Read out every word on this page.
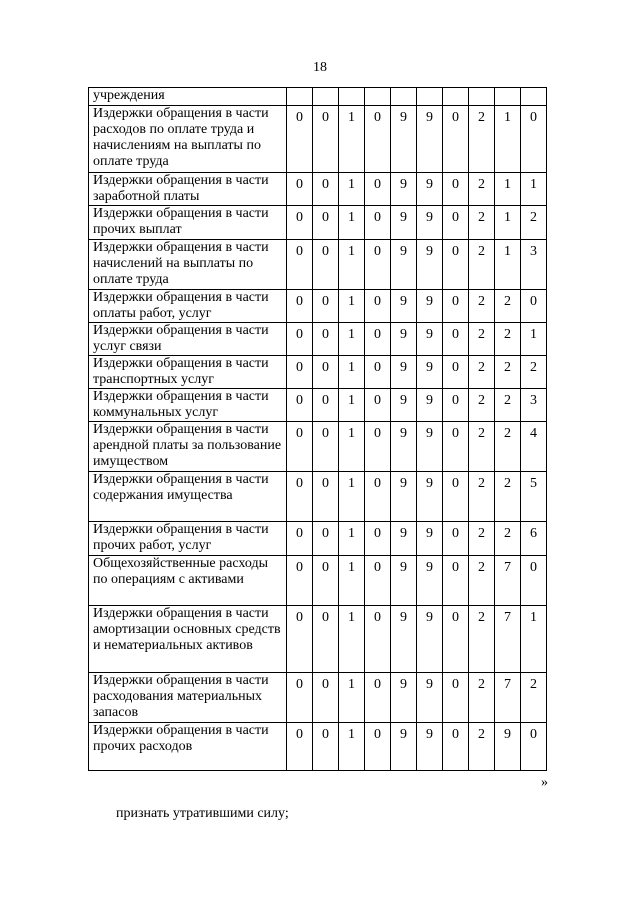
18
учреждения										
Издержки обращения в части расходов по оплате труда и начислениям на выплаты по оплате труда	0	0	1	0	9	9	0	2	1	0
Издержки обращения в части заработной платы	0	0	1	0	9	9	0	2	1	1
Издержки обращения в части прочих выплат	0	0	1	0	9	9	0	2	1	2
Издержки обращения в части начислений на выплаты по оплате труда	0	0	1	0	9	9	0	2	1	3
Издержки обращения в части оплаты работ, услуг	0	0	1	0	9	9	0	2	2	0
Издержки обращения в части услуг связи	0	0	1	0	9	9	0	2	2	1
Издержки обращения в части транспортных услуг	0	0	1	0	9	9	0	2	2	2
Издержки обращения в части коммунальных услуг	0	0	1	0	9	9	0	2	2	3
Издержки обращения в части арендной платы за пользование имуществом	0	0	1	0	9	9	0	2	2	4
Издержки обращения в части содержания имущества	0	0	1	0	9	9	0	2	2	5
Издержки обращения в части прочих работ, услуг	0	0	1	0	9	9	0	2	2	6
Общехозяйственные расходы по операциям с активами	0	0	1	0	9	9	0	2	7	0
Издержки обращения в части амортизации основных средств и нематериальных активов	0	0	1	0	9	9	0	2	7	1
Издержки обращения в части расходования материальных запасов	0	0	1	0	9	9	0	2	7	2
Издержки обращения в части прочих расходов	0	0	1	0	9	9	0	2	9	0
»
признать утратившими силу;
